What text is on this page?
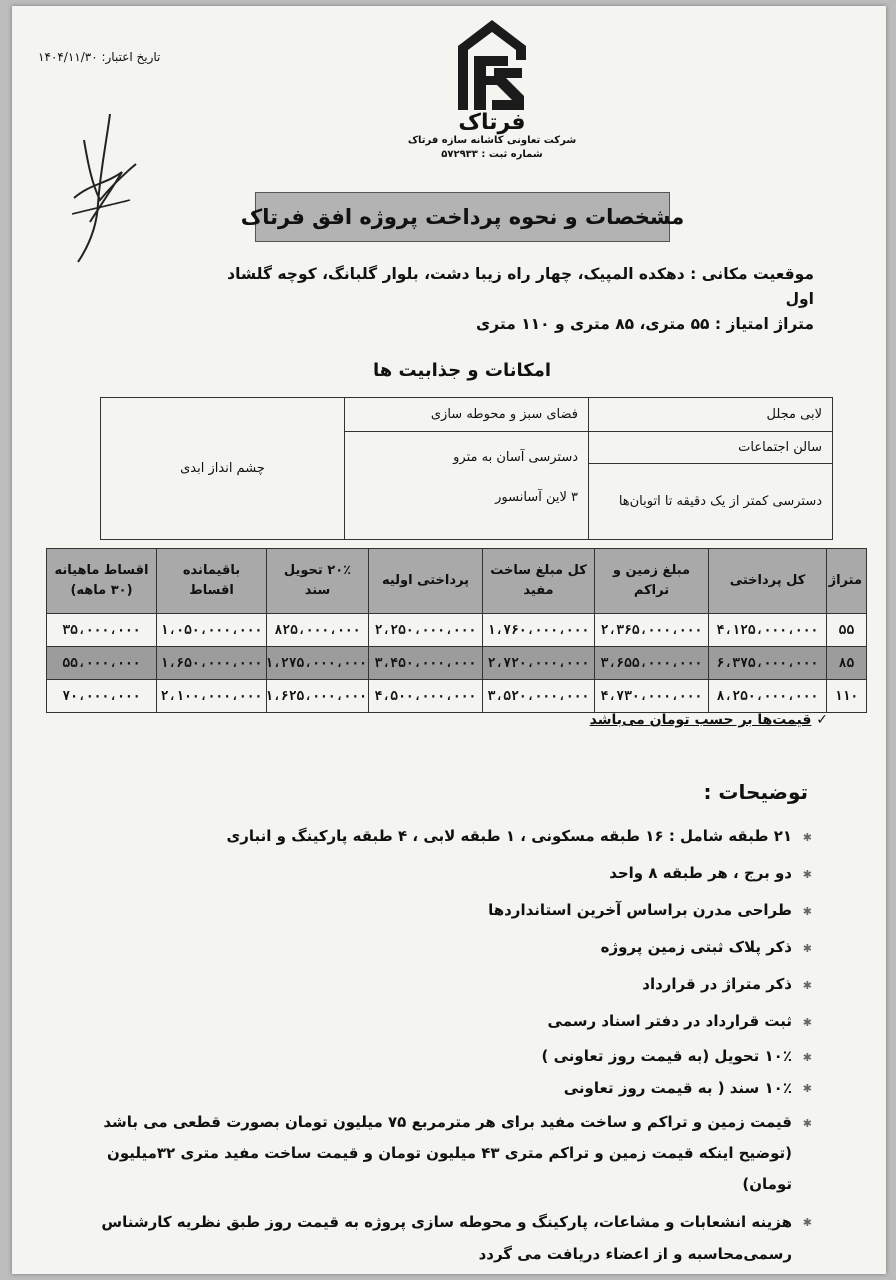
تاریخ اعتبار: ۱۴۰۴/۱۱/۳۰
فرتاک
شرکت تعاونی کاشانه سازه فرتاک
شماره ثبت : ۵۷۲۹۳۳
مشخصات و نحوه پرداخت پروژه افق فرتاک
موقعیت مکانی : دهکده المپیک، چهار راه زیبا دشت، بلوار گلبانگ، کوچه گلشاد اول
متراژ امتیاز : ۵۵ متری، ۸۵ متری و ۱۱۰ متری
امکانات و جذابیت ها
لابی مجلل	فضای سبز و محوطه سازی	چشم انداز ابدی
سالن اجتماعات	دسترسی آسان به مترو
۳ لاین آسانسور	

دسترسی کمتر از یک دقیقه تا اتوبان‌ها		
متراژ	کل پرداختی	مبلغ زمین و تراکم	کل مبلغ ساخت مفید	پرداختی اولیه	۲۰٪ تحویل سند	باقیمانده اقساط	اقساط ماهیانه (۳۰ ماهه)
۵۵	۴،۱۲۵،۰۰۰،۰۰۰	۲،۳۶۵،۰۰۰،۰۰۰	۱،۷۶۰،۰۰۰،۰۰۰	۲،۲۵۰،۰۰۰،۰۰۰	۸۲۵،۰۰۰،۰۰۰	۱،۰۵۰،۰۰۰،۰۰۰	۳۵،۰۰۰،۰۰۰
۸۵	۶،۳۷۵،۰۰۰،۰۰۰	۳،۶۵۵،۰۰۰،۰۰۰	۲،۷۲۰،۰۰۰،۰۰۰	۳،۴۵۰،۰۰۰،۰۰۰	۱،۲۷۵،۰۰۰،۰۰۰	۱،۶۵۰،۰۰۰،۰۰۰	۵۵،۰۰۰،۰۰۰
۱۱۰	۸،۲۵۰،۰۰۰،۰۰۰	۴،۷۳۰،۰۰۰،۰۰۰	۳،۵۲۰،۰۰۰،۰۰۰	۴،۵۰۰،۰۰۰،۰۰۰	۱،۶۲۵،۰۰۰،۰۰۰	۲،۱۰۰،۰۰۰،۰۰۰	۷۰،۰۰۰،۰۰۰
✓ قیمت‌ها بر حسب تومان می‌باشد
توضیحات :
✱ ۲۱ طبقه شامل : ۱۶ طبقه مسکونی ، ۱ طبقه لابی ، ۴ طبقه پارکینگ و انباری
✱ دو برج ، هر طبقه ۸ واحد
✱ طراحی مدرن براساس آخرین استانداردها
✱ ذکر پلاک ثبتی زمین پروژه
✱ ذکر متراژ در قرارداد
✱ ثبت قرارداد در دفتر اسناد رسمی
✱ ۱۰٪ تحویل (به قیمت روز تعاونی )
✱ ۱۰٪ سند ( به قیمت روز تعاونی
✱ قیمت زمین و تراکم و ساخت مفید برای هر مترمربع ۷۵ میلیون تومان بصورت قطعی می باشد (توضیح اینکه قیمت زمین و تراکم متری ۴۳ میلیون تومان و قیمت ساخت مفید متری ۳۲میلیون تومان)
✱ هزینه انشعابات و مشاعات، پارکینگ و محوطه سازی پروژه به قیمت روز طبق نظریه کارشناس رسمی‌محاسبه و از اعضاء دریافت می گردد
